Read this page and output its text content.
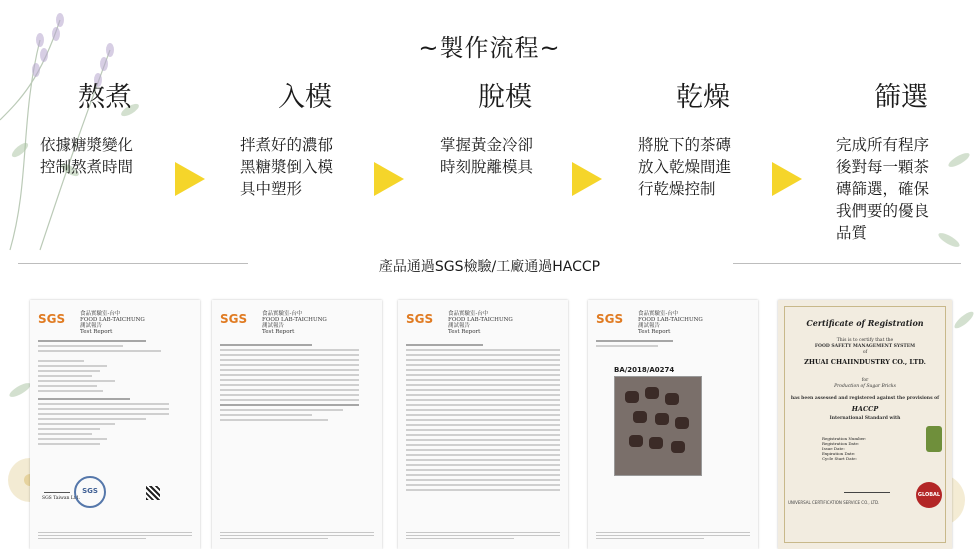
~製作流程~
熬煮
依據糖漿變化
控制熬煮時間
入模
拌煮好的濃郁
黑糖漿倒入模
具中塑形
脫模
掌握黃金冷卻
時刻脫離模具
乾燥
將脫下的茶磚
放入乾燥間進
行乾燥控制
篩選
完成所有程序
後對每一顆茶
磚篩選，確保
我們要的優良
品質
產品通過SGS檢驗/工廠通過HACCP
SGS	食品實驗室-台中
FOOD LAB-TAICHUNG
測試報告
Test Report
SGS Taiwan Ltd.
SGS
SGS	食品實驗室-台中
FOOD LAB-TAICHUNG
測試報告
Test Report
SGS	食品實驗室-台中
FOOD LAB-TAICHUNG
測試報告
Test Report
SGS	食品實驗室-台中
FOOD LAB-TAICHUNG
測試報告
Test Report
BA/2018/A0274
Certificate of Registration
This is to certify that the
FOOD SAFETY MANAGEMENT SYSTEM
of
ZHUAI CHAIINDUSTRY CO., LTD.
for
Production of Sugar Bricks
has been assessed and registered against the provisions of
HACCP
International Standard with
Registration Number:
Registration Date:
Issue Date:
Expiration Date:
Cycle Start Date:
GLOBAL
UNIVERSAL CERTIFICATION SERVICE CO., LTD.
